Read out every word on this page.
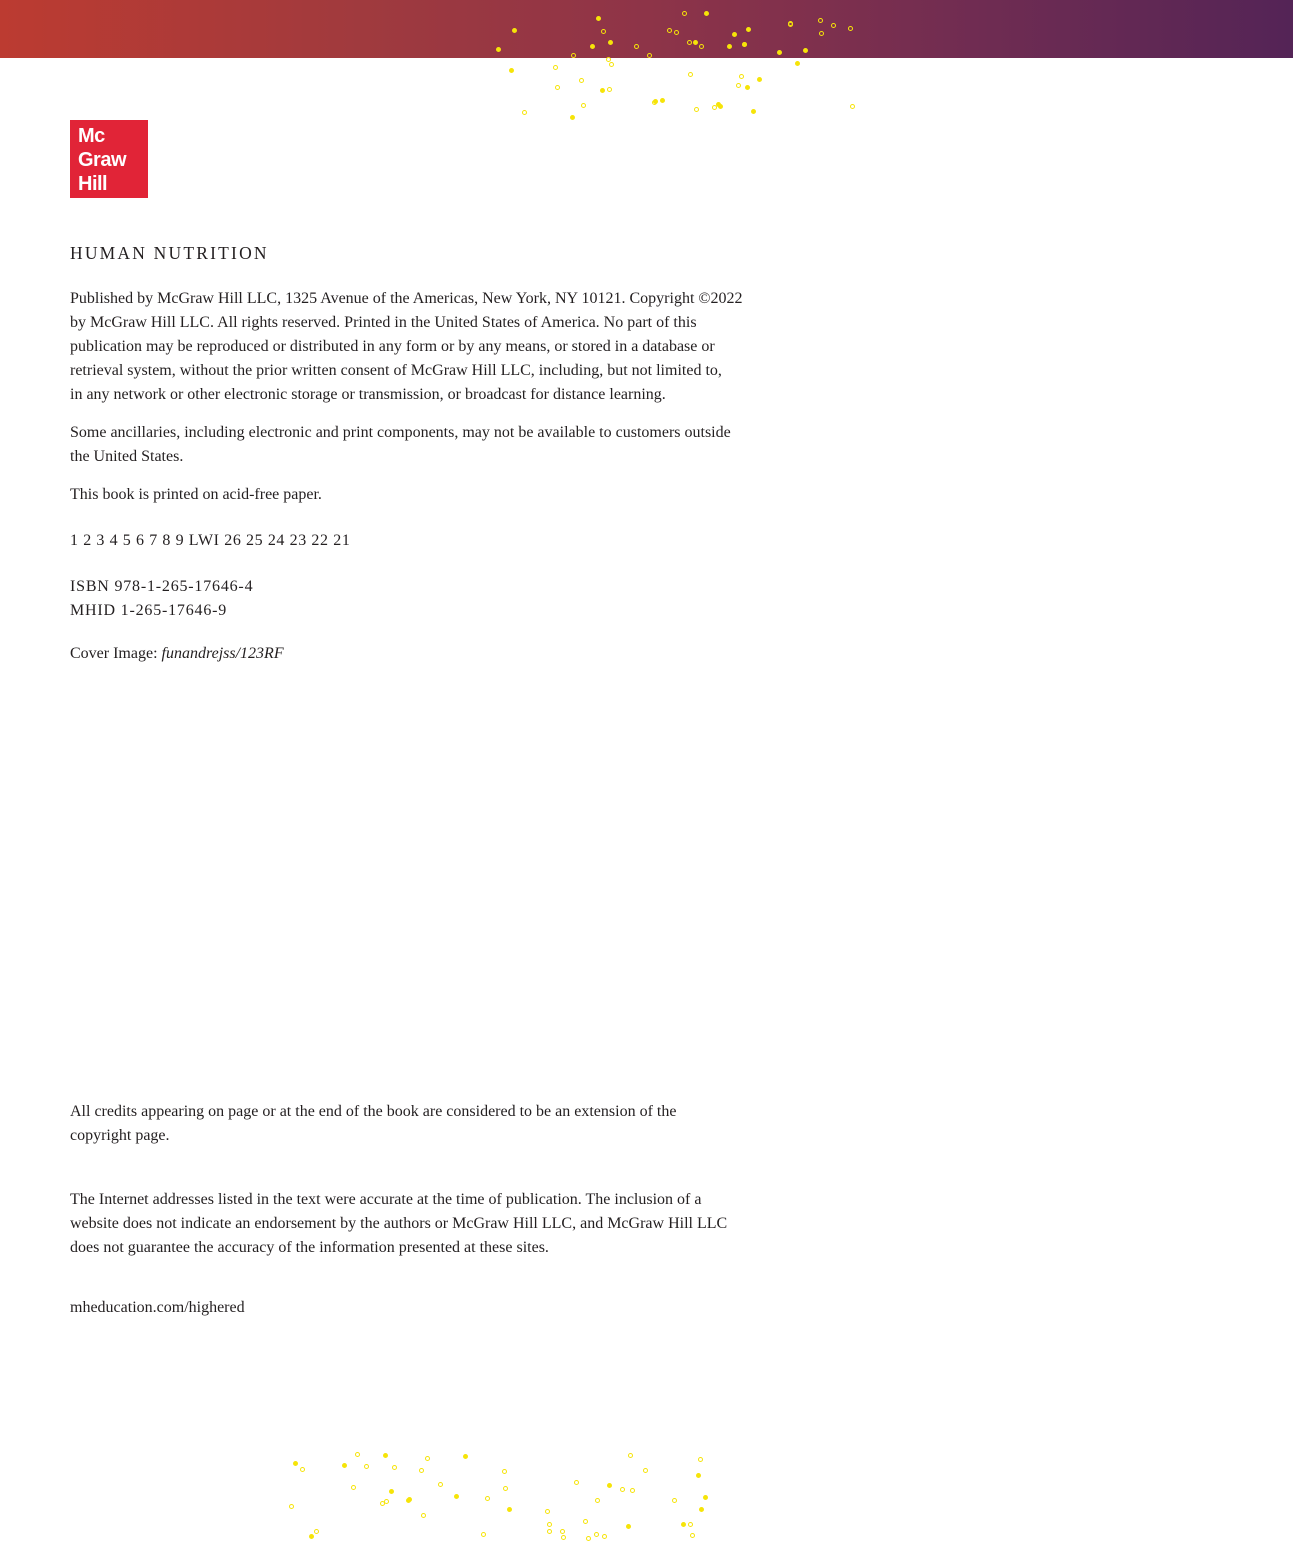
Mc
Graw
Hill
HUMAN NUTRITION
Published by McGraw Hill LLC, 1325 Avenue of the Americas, New York, NY 10121. Copyright ©2022
by McGraw Hill LLC. All rights reserved. Printed in the United States of America. No part of this
publication may be reproduced or distributed in any form or by any means, or stored in a database or
retrieval system, without the prior written consent of McGraw Hill LLC, including, but not limited to,
in any network or other electronic storage or transmission, or broadcast for distance learning.
Some ancillaries, including electronic and print components, may not be available to customers outside
the United States.
This book is printed on acid-free paper.
1 2 3 4 5 6 7 8 9 LWI 26 25 24 23 22 21
ISBN 978-1-265-17646-4
MHID 1-265-17646-9
Cover Image: funandrejss/123RF
All credits appearing on page or at the end of the book are considered to be an extension of the
copyright page.
The Internet addresses listed in the text were accurate at the time of publication. The inclusion of a
website does not indicate an endorsement by the authors or McGraw Hill LLC, and McGraw Hill LLC
does not guarantee the accuracy of the information presented at these sites.
mheducation.com/highered
